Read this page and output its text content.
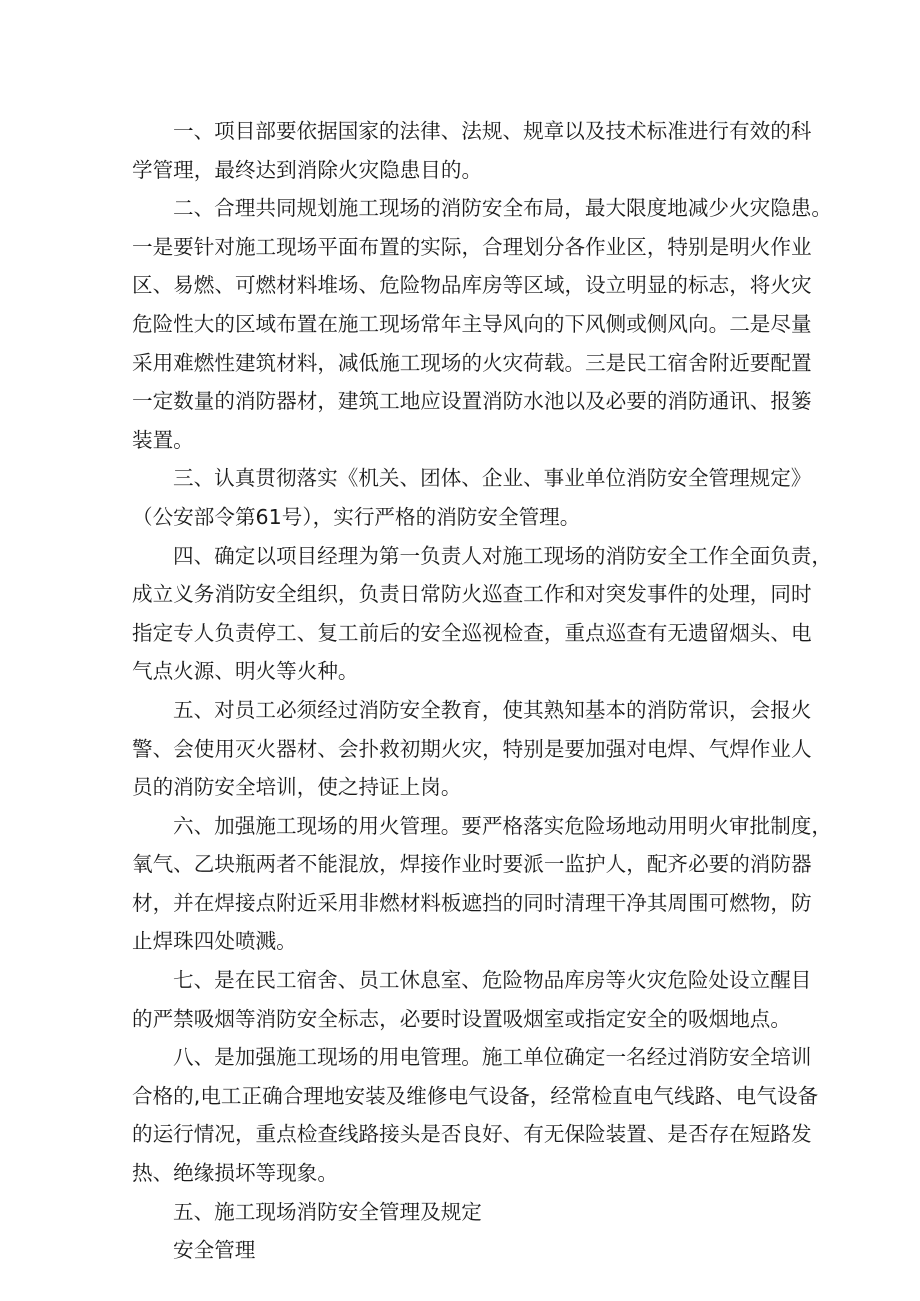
一、项目部要依据国家的法律、法规、规章以及技术标准进行有效的科
学管理，最终达到消除火灾隐患目的。
二、合理共同规划施工现场的消防安全布局，最大限度地减少火灾隐患。
一是要针对施工现场平面布置的实际，合理划分各作业区，特别是明火作业
区、易燃、可燃材料堆场、危险物品库房等区域，设立明显的标志，将火灾
危险性大的区域布置在施工现场常年主导风向的下风侧或侧风向。二是尽量
采用难燃性建筑材料，减低施工现场的火灾荷载。三是民工宿舍附近要配置
一定数量的消防器材，建筑工地应设置消防水池以及必要的消防通讯、报篓
装置。
三、认真贯彻落实《机关、团体、企业、事业单位消防安全管理规定》
（公安部令第61号），实行严格的消防安全管理。
四、确定以项目经理为第一负责人对施工现场的消防安全工作全面负责，
成立义务消防安全组织，负责日常防火巡查工作和对突发事件的处理，同时
指定专人负责停工、复工前后的安全巡视检查，重点巡查有无遗留烟头、电
气点火源、明火等火种。
五、对员工必须经过消防安全教育，使其熟知基本的消防常识，会报火
警、会使用灭火器材、会扑救初期火灾，特别是要加强对电焊、气焊作业人
员的消防安全培训，使之持证上岗。
六、加强施工现场的用火管理。要严格落实危险场地动用明火审批制度，
氧气、乙块瓶两者不能混放，焊接作业时要派一监护人，配齐必要的消防器
材，并在焊接点附近采用非燃材料板遮挡的同时清理干净其周围可燃物，防
止焊珠四处喷溅。
七、是在民工宿舍、员工休息室、危险物品库房等火灾危险处设立醒目
的严禁吸烟等消防安全标志，必要时设置吸烟室或指定安全的吸烟地点。
八、是加强施工现场的用电管理。施工单位确定一名经过消防安全培训
合格的,电工正确合理地安装及维修电气设备，经常检直电气线路、电气设备
的运行情况，重点检查线路接头是否良好、有无保险装置、是否存在短路发
热、绝缘损坏等现象。
五、施工现场消防安全管理及规定
安全管理
